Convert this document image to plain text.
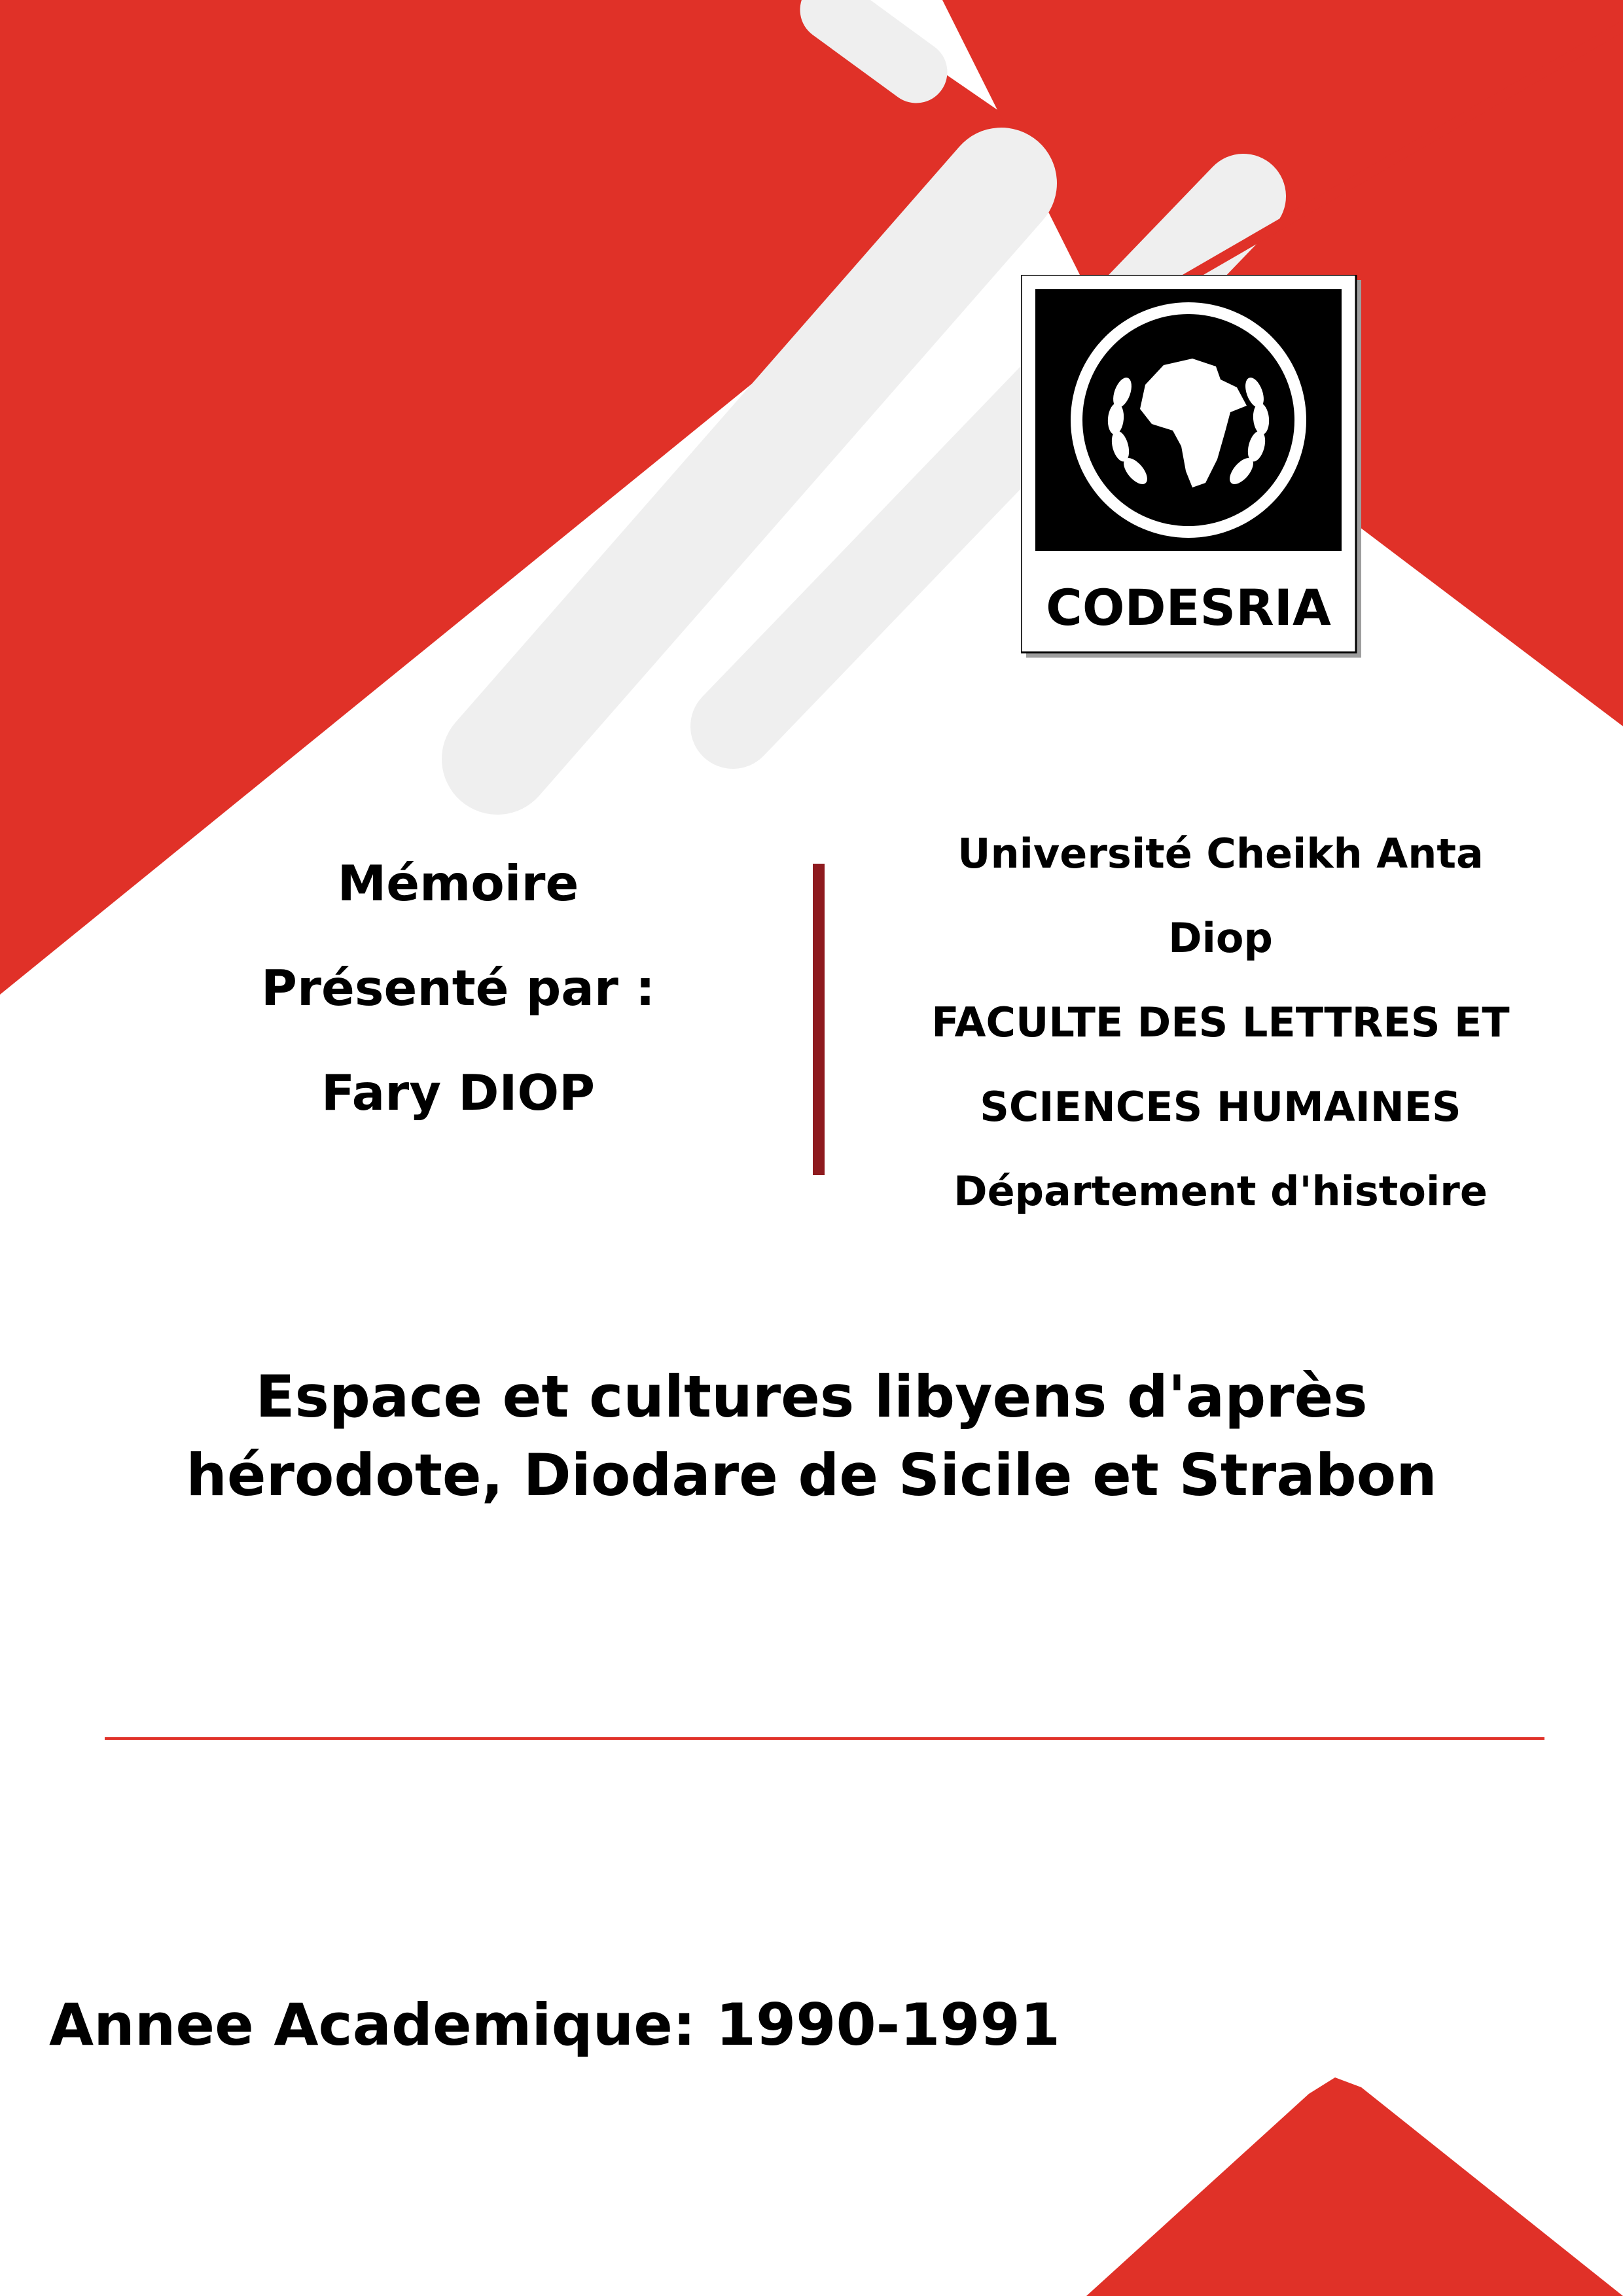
CODESRIA
Mémoire
Présenté par :
Fary DIOP
Université Cheikh Anta
Diop
FACULTE DES LETTRES ET
SCIENCES HUMAINES
Département d'histoire
Espace et cultures libyens d'après
hérodote, Diodare de Sicile et Strabon
Annee Academique: 1990-1991
